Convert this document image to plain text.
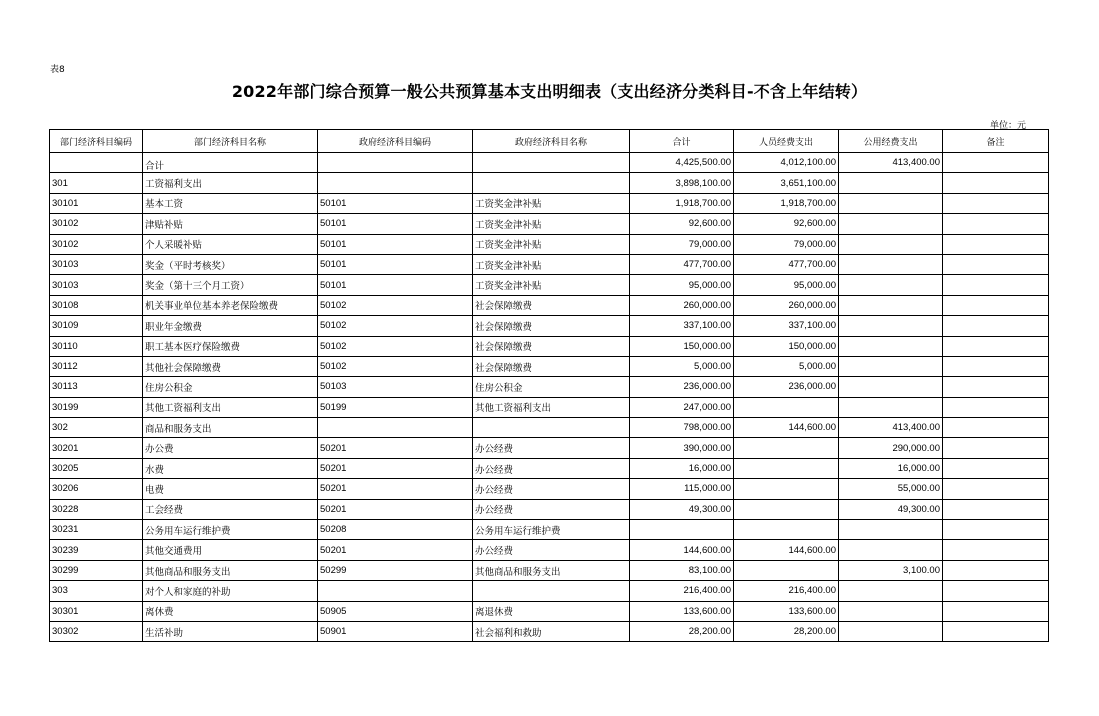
表8
2022年部门综合预算一般公共预算基本支出明细表（支出经济分类科目-不含上年结转）
单位：元
部门经济科目编码	部门经济科目名称	政府经济科目编码	政府经济科目名称	合计	人员经费支出	公用经费支出	备注
	合计			4,425,500.00	4,012,100.00	413,400.00	
301	工资福利支出			3,898,100.00	3,651,100.00		
30101	基本工资	50101	工资奖金津补贴	1,918,700.00	1,918,700.00		
30102	津贴补贴	50101	工资奖金津补贴	92,600.00	92,600.00		
30102	个人采暖补贴	50101	工资奖金津补贴	79,000.00	79,000.00		
30103	奖金（平时考核奖）	50101	工资奖金津补贴	477,700.00	477,700.00		
30103	奖金（第十三个月工资）	50101	工资奖金津补贴	95,000.00	95,000.00		
30108	机关事业单位基本养老保险缴费	50102	社会保障缴费	260,000.00	260,000.00		
30109	职业年金缴费	50102	社会保障缴费	337,100.00	337,100.00		
30110	职工基本医疗保险缴费	50102	社会保障缴费	150,000.00	150,000.00		
30112	其他社会保障缴费	50102	社会保障缴费	5,000.00	5,000.00		
30113	住房公积金	50103	住房公积金	236,000.00	236,000.00		
30199	其他工资福利支出	50199	其他工资福利支出	247,000.00			
302	商品和服务支出			798,000.00	144,600.00	413,400.00	
30201	办公费	50201	办公经费	390,000.00		290,000.00	
30205	水费	50201	办公经费	16,000.00		16,000.00	
30206	电费	50201	办公经费	115,000.00		55,000.00	
30228	工会经费	50201	办公经费	49,300.00		49,300.00	
30231	公务用车运行维护费	50208	公务用车运行维护费				
30239	其他交通费用	50201	办公经费	144,600.00	144,600.00		
30299	其他商品和服务支出	50299	其他商品和服务支出	83,100.00		3,100.00	
303	对个人和家庭的补助			216,400.00	216,400.00		
30301	离休费	50905	离退休费	133,600.00	133,600.00		
30302	生活补助	50901	社会福利和救助	28,200.00	28,200.00		
